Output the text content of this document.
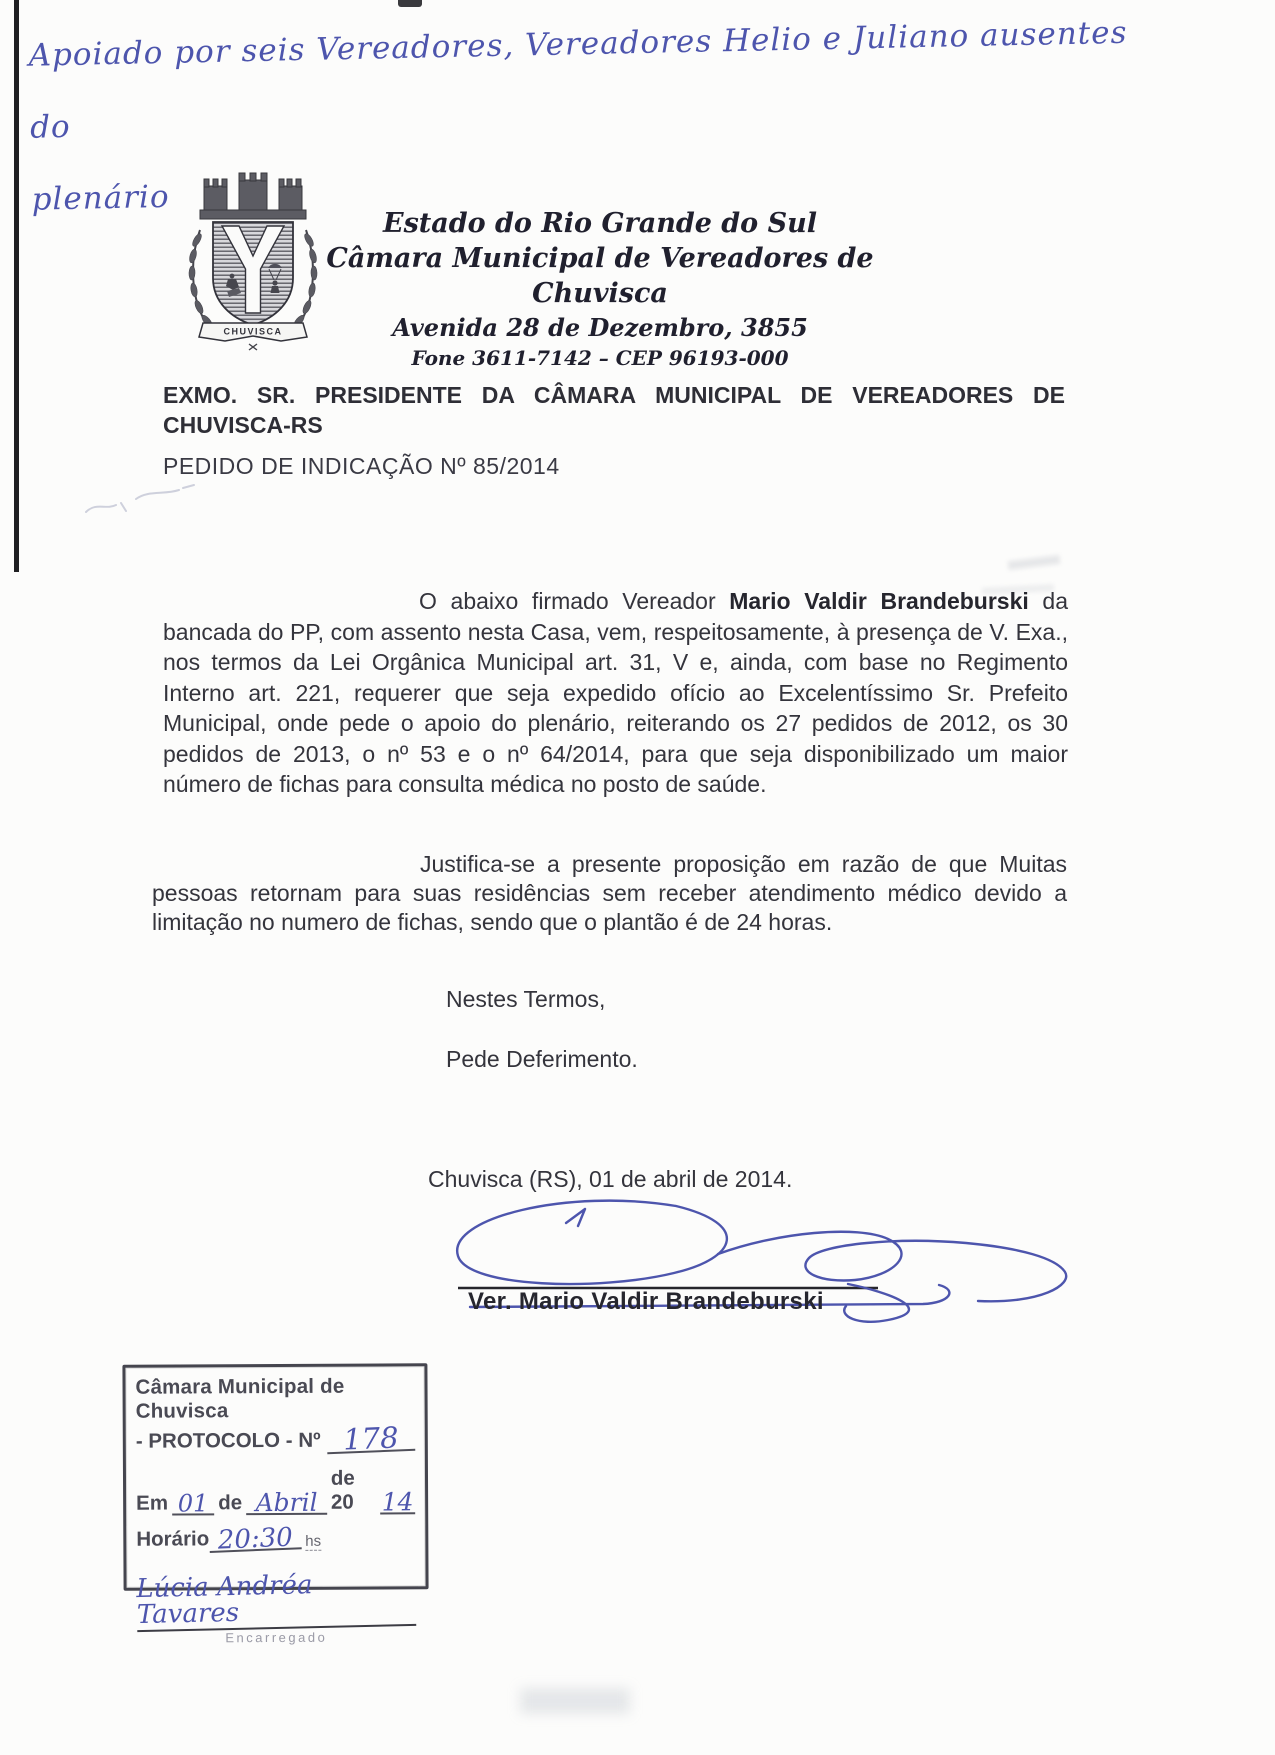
Apoiado por seis Vereadores, Vereadores Helio e Juliano ausentes do
plenário
CHUVISCA
Estado do Rio Grande do Sul
Câmara Municipal de Vereadores de Chuvisca
Avenida 28 de Dezembro, 3855
Fone 3611-7142 – CEP 96193-000
EXMO. SR. PRESIDENTE DA CÂMARA MUNICIPAL DE VEREADORES DE CHUVISCA-RS
PEDIDO DE INDICAÇÃO Nº 85/2014
O abaixo firmado Vereador Mario Valdir Brandeburski da bancada do PP, com assento nesta Casa, vem, respeitosamente, à presença de V. Exa., nos termos da Lei Orgânica Municipal art. 31, V e, ainda, com base no Regimento Interno art. 221, requerer que seja expedido ofício ao Excelentíssimo Sr. Prefeito Municipal, onde pede o apoio do plenário, reiterando os 27 pedidos de 2012, os 30 pedidos de 2013, o nº 53 e o nº 64/2014, para que seja disponibilizado um maior número de fichas para consulta médica no posto de saúde.
Justifica-se a presente proposição em razão de que Muitas pessoas retornam para suas residências sem receber atendimento médico devido a limitação no numero de fichas, sendo que o plantão é de 24 horas.
Nestes Termos,
Pede Deferimento.
Chuvisca (RS), 01 de abril de 2014.
Ver. Mario Valdir Brandeburski
Câmara Municipal de Chuvisca
- PROTOCOLO - Nº 178
Em 01 de Abril
de 20	14
Horário 20:30 hs
Lúcia Andréa Tavares
Encarregado
